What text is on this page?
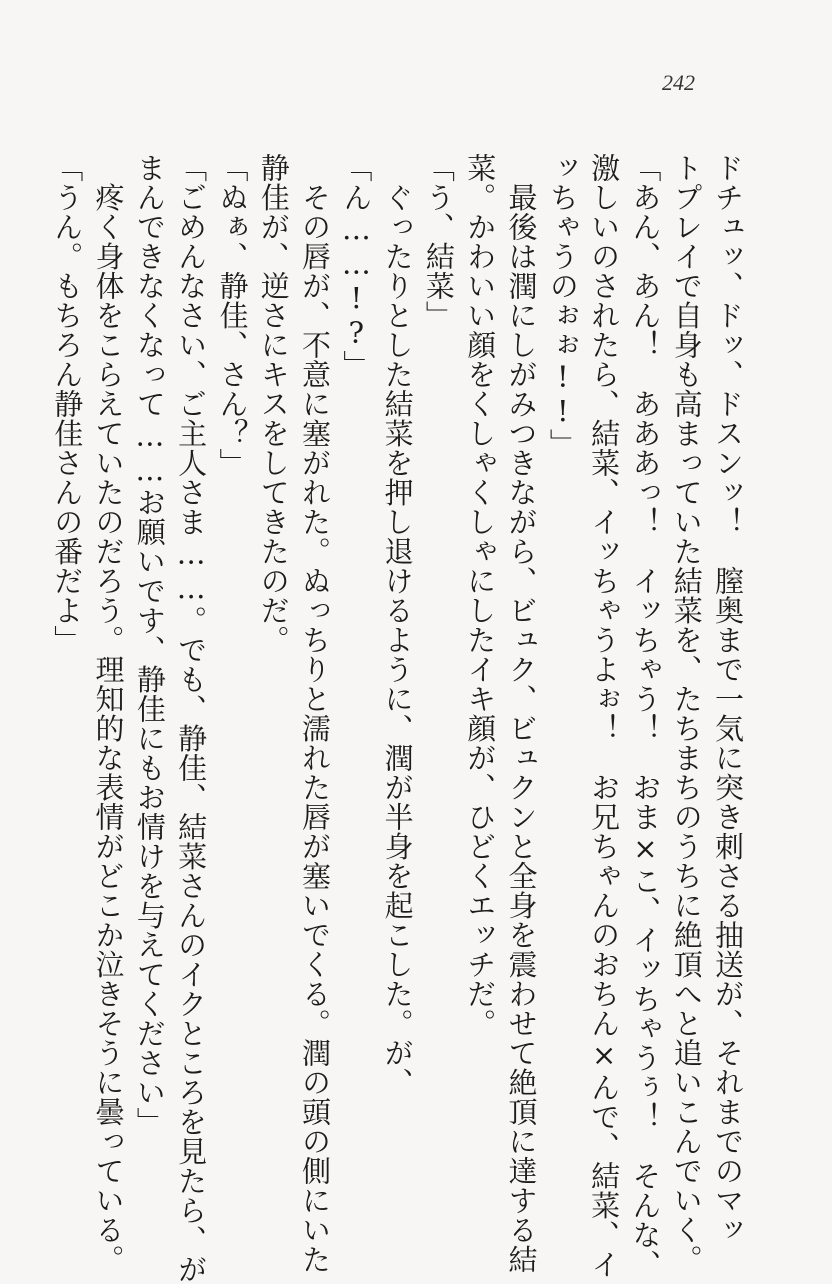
242
ドチュッ、ドッ、ドスンッ！　膣奥まで一気に突き刺さる抽送が、それまでのマッ
トプレイで自身も高まっていた結菜を、たちまちのうちに絶頂へと追いこんでいく。
「あん、あん！　あああっ！　イッちゃう！　おま×こ、イッちゃうぅ！　そんな、
激しいのされたら、結菜、イッちゃうよぉ！　お兄ちゃんのおちん×んで、結菜、イ
ッちゃうのぉぉ!!」
　最後は潤にしがみつきながら、ビュク、ビュクンと全身を震わせて絶頂に達する結
菜。かわいい顔をくしゃくしゃにしたイキ顔が、ひどくエッチだ。
「う、結菜」
　ぐったりとした結菜を押し退けるように、潤が半身を起こした。が、
「ん……!?」
　その唇が、不意に塞がれた。ぬっちりと濡れた唇が塞いでくる。潤の頭の側にいた
静佳が、逆さにキスをしてきたのだ。
「ぬぁ、静佳、さん？」
「ごめんなさい、ご主人さま……。でも、静佳、結菜さんのイクところを見たら、が
まんできなくなって……お願いです、静佳にもお情けを与えてください」
　疼く身体をこらえていたのだろう。理知的な表情がどこか泣きそうに曇っている。
「うん。もちろん静佳さんの番だよ」
